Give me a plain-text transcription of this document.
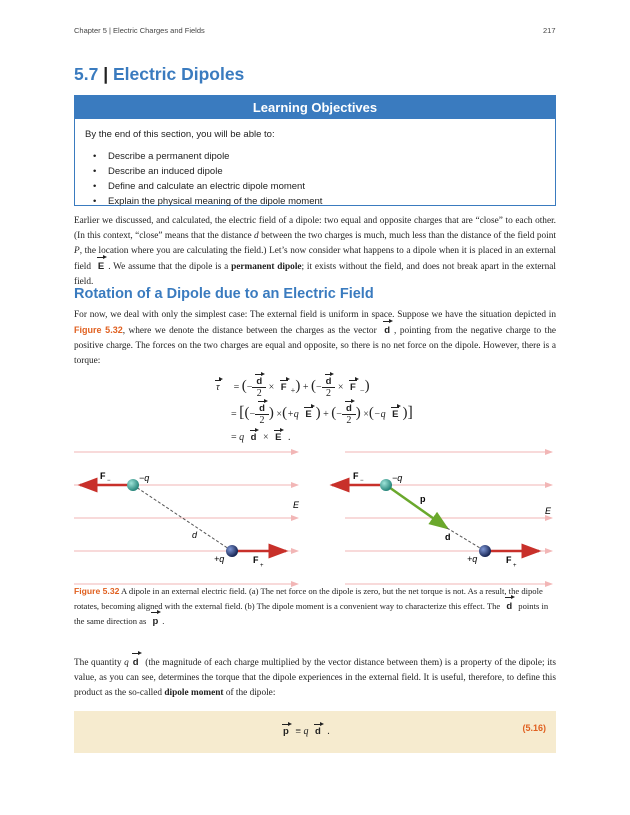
Chapter 5 | Electric Charges and Fields	217
5.7 | Electric Dipoles
Learning Objectives
By the end of this section, you will be able to:
• Describe a permanent dipole
• Describe an induced dipole
• Define and calculate an electric dipole moment
• Explain the physical meaning of the dipole moment
Earlier we discussed, and calculated, the electric field of a dipole: two equal and opposite charges that are “close” to each other. (In this context, “close” means that the distance d between the two charges is much, much less than the distance of the field point P, the location where you are calculating the field.) Let’s now consider what happens to a dipole when it is placed in an external field E . We assume that the dipole is a permanent dipole; it exists without the field, and does not break apart in the external field.
Rotation of a Dipole due to an Electric Field
For now, we deal with only the simplest case: The external field is uniform in space. Suppose we have the situation depicted in Figure 5.32, where we denote the distance between the charges as the vector d , pointing from the negative charge to the positive charge. The forces on the two charges are equal and opposite, so there is no net force on the dipole. However, there is a torque:
τ = (− $\frac{d}{2} \times F$ $_+$) + (− $\frac{d}{2} \times F$ $_-$)
= [(− $\frac{d}{2}$ ) ×(+q E ) + (− $\frac{d}{2}$ ) ×(−q E )]
= q d × E .
F −	−q
E
d
+q	F
+
F −	−q
p
E
d
+q	F
+
Figure 5.32 A dipole in an external electric field. (a) The net force on the dipole is zero, but the net torque is not. As a result, the dipole rotates, becoming aligned with the external field. (b) The dipole moment is a convenient way to characterize this effect. The d points in the same direction as p .
The quantity q d (the magnitude of each charge multiplied by the vector distance between them) is a property of the dipole; its value, as you can see, determines the torque that the dipole experiences in the external field. It is useful, therefore, to define this product as the so-called dipole moment of the dipole:
p ≡ q d .	(5.16)
